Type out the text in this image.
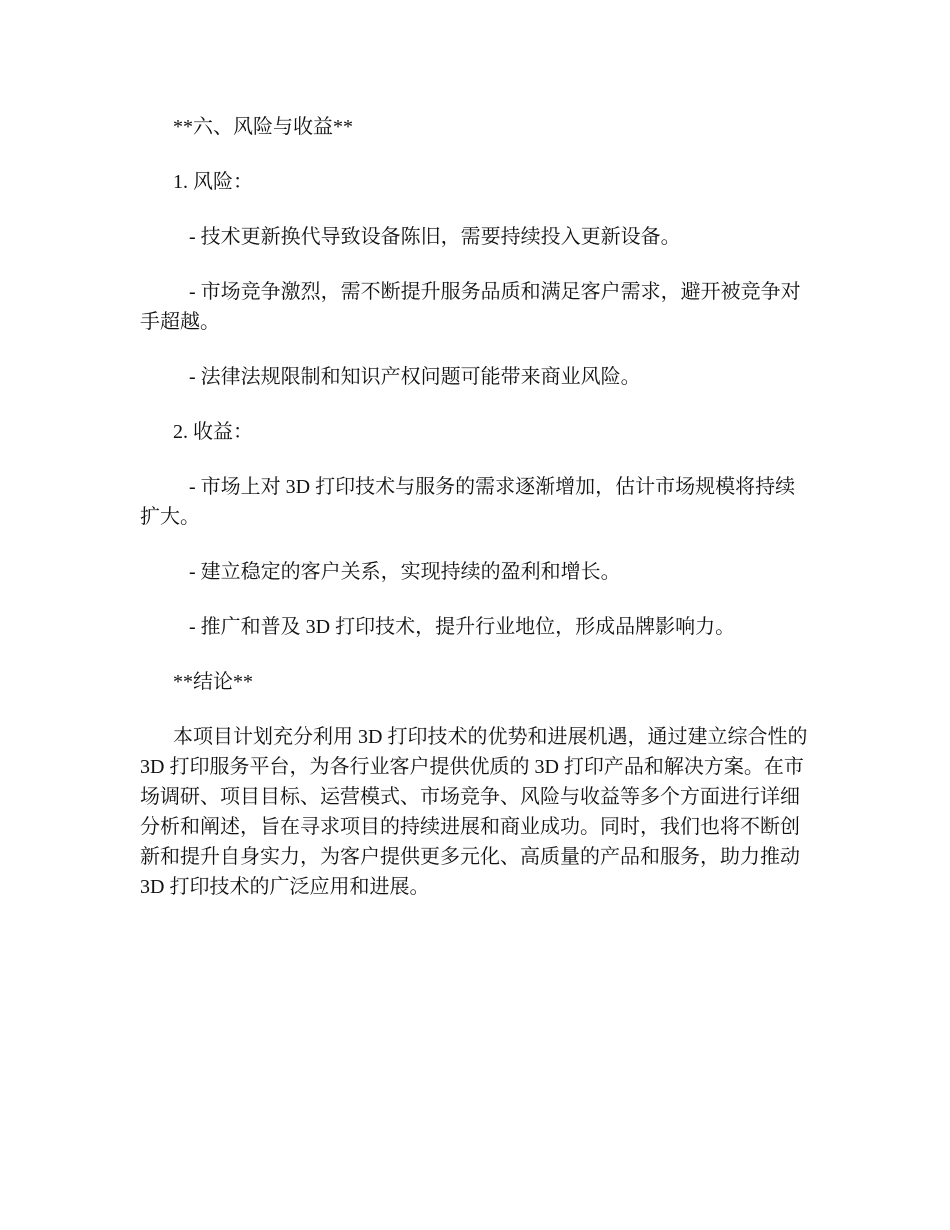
**六、风险与收益**

1. 风险：

- 技术更新换代导致设备陈旧，需要持续投入更新设备。

- 市场竞争激烈，需不断提升服务品质和满足客户需求，避开被竞争对手超越。

- 法律法规限制和知识产权问题可能带来商业风险。

2. 收益：

- 市场上对 3D 打印技术与服务的需求逐渐增加，估计市场规模将持续扩大。

- 建立稳定的客户关系，实现持续的盈利和增长。

- 推广和普及 3D 打印技术，提升行业地位，形成品牌影响力。

**结论**

本项目计划充分利用 3D 打印技术的优势和进展机遇，通过建立综合性的 3D 打印服务平台，为各行业客户提供优质的 3D 打印产品和解决方案。在市场调研、项目目标、运营模式、市场竞争、风险与收益等多个方面进行详细分析和阐述，旨在寻求项目的持续进展和商业成功。同时，我们也将不断创新和提升自身实力，为客户提供更多元化、高质量的产品和服务，助力推动 3D 打印技术的广泛应用和进展。
